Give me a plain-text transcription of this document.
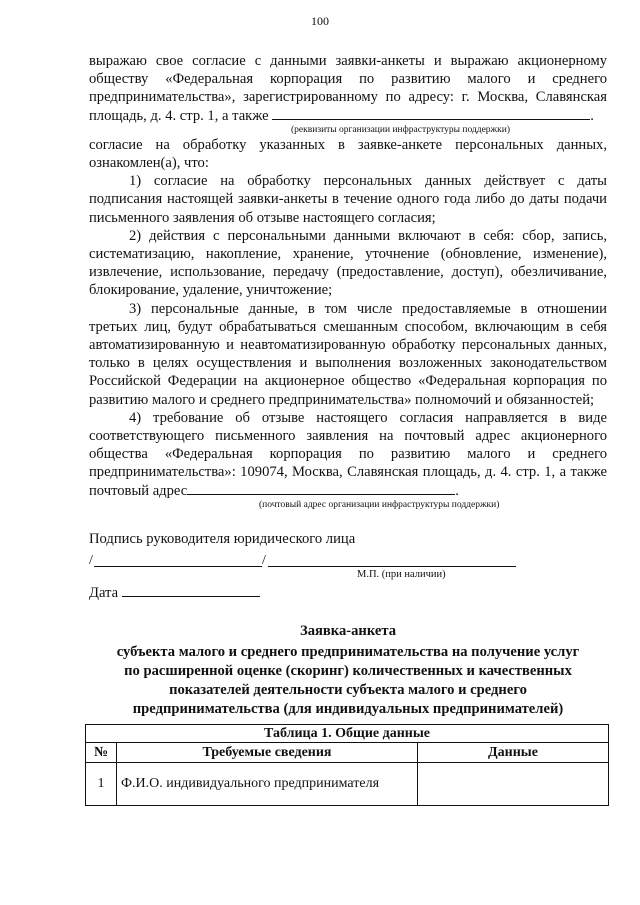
100

выражаю свое согласие с данными заявки-анкеты и выражаю акционерному обществу «Федеральная корпорация по развитию малого и среднего предпринимательства», зарегистрированному по адресу: г. Москва, Славянская площадь, д. 4. стр. 1, а также	.

(реквизиты организации инфраструктуры поддержки)

согласие на обработку указанных в заявке-анкете персональных данных, ознакомлен(а), что:

1) согласие на обработку персональных данных действует с даты подписания настоящей заявки-анкеты в течение одного года либо до даты подачи письменного заявления об отзыве настоящего согласия;

2) действия с персональными данными включают в себя: сбор, запись, систематизацию, накопление, хранение, уточнение (обновление, изменение), извлечение, использование, передачу (предоставление, доступ), обезличивание, блокирование, удаление, уничтожение;

3) персональные данные, в том числе предоставляемые в отношении третьих лиц, будут обрабатываться смешанным способом, включающим в себя автоматизированную и неавтоматизированную обработку персональных данных, только в целях осуществления и выполнения возложенных законодательством Российской Федерации на акционерное общество «Федеральная корпорация по развитию малого и среднего предпринимательства» полномочий и обязанностей;

4) требование об отзыве настоящего согласия направляется в виде соответствующего письменного заявления на почтовый адрес акционерного общества «Федеральная корпорация по развитию малого и среднего предпринимательства»: 109074, Москва, Славянская площадь, д. 4. стр. 1, а также почтовый адрес	.

(почтовый адрес организации инфраструктуры поддержки)
Подпись руководителя юридического лица
/	/
М.П. (при наличии)
Дата
Заявка-анкета
субъекта малого и среднего предпринимательства на получение услуг
по расширенной оценке (скоринг) количественных и качественных
показателей деятельности субъекта малого и среднего
предпринимательства (для индивидуальных предпринимателей)
Таблица 1. Общие данные		
№	Требуемые сведения	Данные
1	Ф.И.О. индивидуального предпринимателя	
